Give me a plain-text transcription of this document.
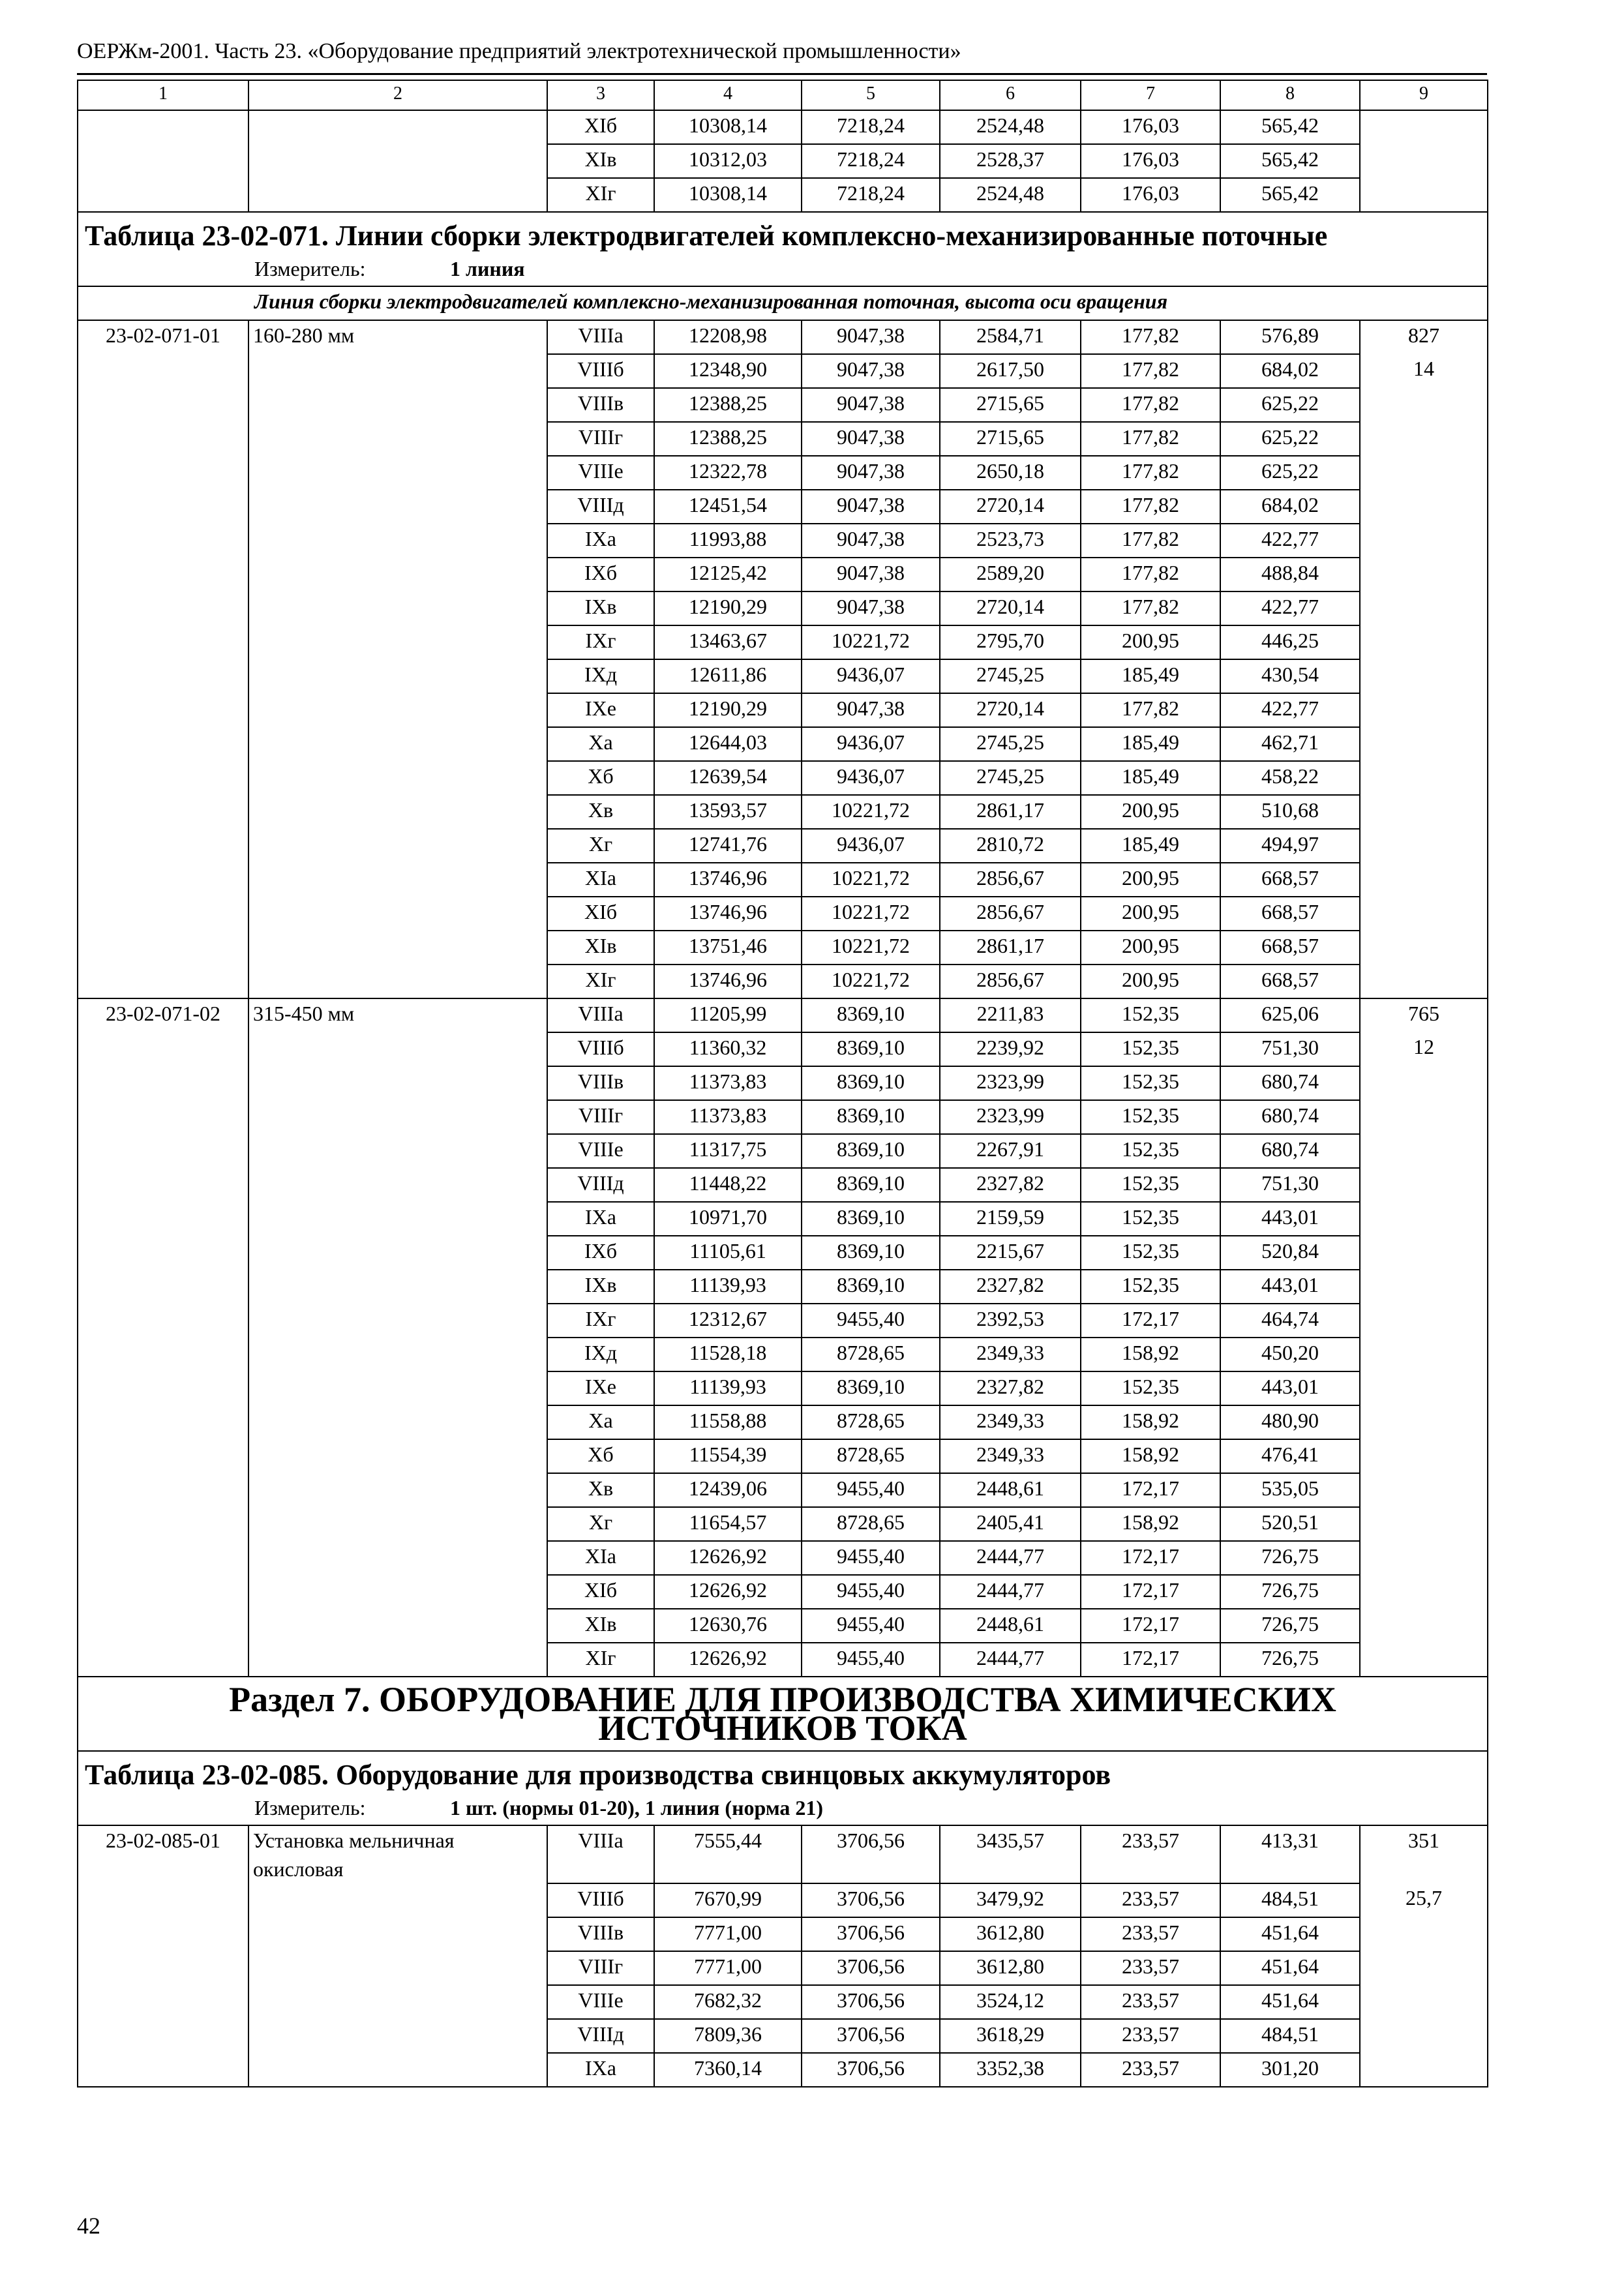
ОЕРЖм-2001. Часть 23. «Оборудование предприятий электротехнической промышленности»
1	2	3	4	5	6	7	8	9
		XIб	10308,14	7218,24	2524,48	176,03	565,42	
		XIв	10312,03	7218,24	2528,37	176,03	565,42	
		XIг	10308,14	7218,24	2524,48	176,03	565,42	

Таблица 23-02-071. Линии сборки электродвигателей комплексно-механизированные поточные
Измеритель: 1 линия								

Линия сборки электродвигателей комплексно-механизированная поточная, высота оси вращения								
23-02-071-01	160-280 мм	VIIIа	12208,98	9047,38	2584,71	177,82	576,89	827
		VIIIб	12348,90	9047,38	2617,50	177,82	684,02	14
		VIIIв	12388,25	9047,38	2715,65	177,82	625,22	
		VIIIг	12388,25	9047,38	2715,65	177,82	625,22	
		VIIIе	12322,78	9047,38	2650,18	177,82	625,22	
		VIIIд	12451,54	9047,38	2720,14	177,82	684,02	
		IXа	11993,88	9047,38	2523,73	177,82	422,77	
		IXб	12125,42	9047,38	2589,20	177,82	488,84	
		IXв	12190,29	9047,38	2720,14	177,82	422,77	
		IXг	13463,67	10221,72	2795,70	200,95	446,25	
		IXд	12611,86	9436,07	2745,25	185,49	430,54	
		IXе	12190,29	9047,38	2720,14	177,82	422,77	
		Xа	12644,03	9436,07	2745,25	185,49	462,71	
		Xб	12639,54	9436,07	2745,25	185,49	458,22	
		Xв	13593,57	10221,72	2861,17	200,95	510,68	
		Xг	12741,76	9436,07	2810,72	185,49	494,97	
		XIа	13746,96	10221,72	2856,67	200,95	668,57	
		XIб	13746,96	10221,72	2856,67	200,95	668,57	
		XIв	13751,46	10221,72	2861,17	200,95	668,57	
		XIг	13746,96	10221,72	2856,67	200,95	668,57	
23-02-071-02	315-450 мм	VIIIа	11205,99	8369,10	2211,83	152,35	625,06	765
		VIIIб	11360,32	8369,10	2239,92	152,35	751,30	12
		VIIIв	11373,83	8369,10	2323,99	152,35	680,74	
		VIIIг	11373,83	8369,10	2323,99	152,35	680,74	
		VIIIе	11317,75	8369,10	2267,91	152,35	680,74	
		VIIIд	11448,22	8369,10	2327,82	152,35	751,30	
		IXа	10971,70	8369,10	2159,59	152,35	443,01	
		IXб	11105,61	8369,10	2215,67	152,35	520,84	
		IXв	11139,93	8369,10	2327,82	152,35	443,01	
		IXг	12312,67	9455,40	2392,53	172,17	464,74	
		IXд	11528,18	8728,65	2349,33	158,92	450,20	
		IXе	11139,93	8369,10	2327,82	152,35	443,01	
		Xа	11558,88	8728,65	2349,33	158,92	480,90	
		Xб	11554,39	8728,65	2349,33	158,92	476,41	
		Xв	12439,06	9455,40	2448,61	172,17	535,05	
		Xг	11654,57	8728,65	2405,41	158,92	520,51	
		XIа	12626,92	9455,40	2444,77	172,17	726,75	
		XIб	12626,92	9455,40	2444,77	172,17	726,75	
		XIв	12630,76	9455,40	2448,61	172,17	726,75	
		XIг	12626,92	9455,40	2444,77	172,17	726,75	
Раздел 7. ОБОРУДОВАНИЕ ДЛЯ ПРОИЗВОДСТВА ХИМИЧЕСКИХ ИСТОЧНИКОВ ТОКА								

Таблица 23-02-085. Оборудование для производства свинцовых аккумуляторов
Измеритель: 1 шт. (нормы 01-20), 1 линия (норма 21)								

23-02-085-01	Установка мельничная окисловая	VIIIа	7555,44	3706,56	3435,57	233,57	413,31	351
		VIIIб	7670,99	3706,56	3479,92	233,57	484,51	25,7
		VIIIв	7771,00	3706,56	3612,80	233,57	451,64	
		VIIIг	7771,00	3706,56	3612,80	233,57	451,64	
		VIIIе	7682,32	3706,56	3524,12	233,57	451,64	
		VIIIд	7809,36	3706,56	3618,29	233,57	484,51	
		IXа	7360,14	3706,56	3352,38	233,57	301,20	
42
